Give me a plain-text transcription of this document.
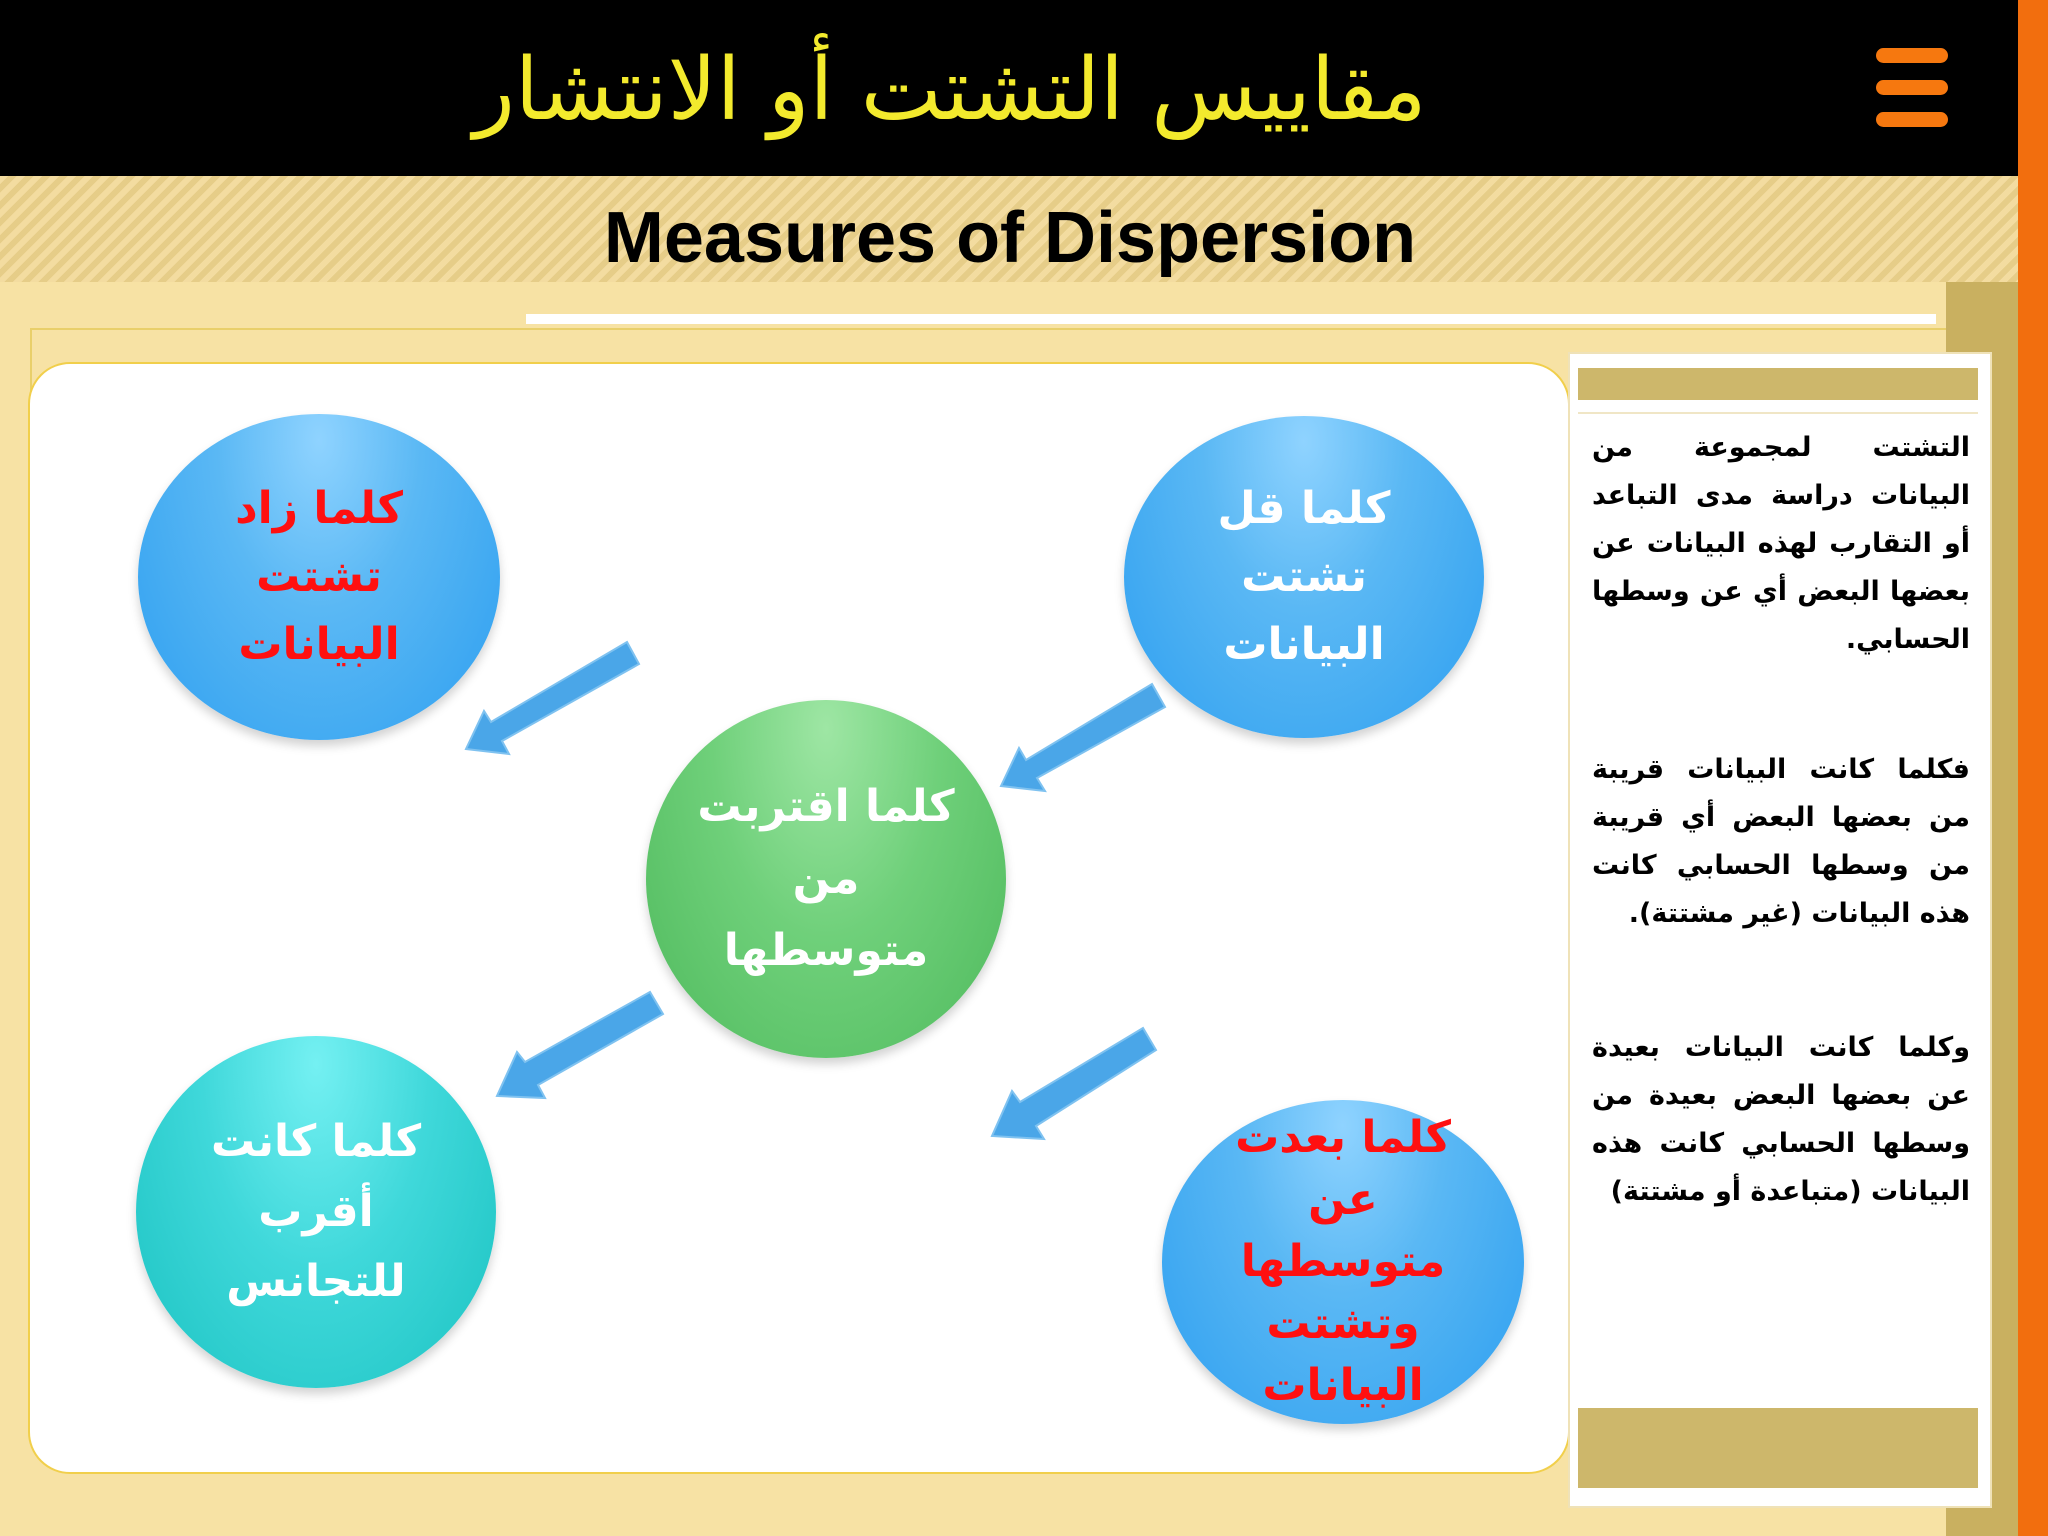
مقاييس التشتت أو الانتشار
Measures of Dispersion
كلما زاد
تشتت
البيانات
كلما قل
تشتت
البيانات
كلما اقتربت
من
متوسطها
كلما كانت
أقرب
للتجانس
كلما بعدت
عن
متوسطها
وتشتت
البيانات
التشتت لمجموعة من البيانات دراسة مدى التباعد أو التقارب لهذه البيانات عن بعضها البعض أي عن وسطها الحسابي.
فكلما كانت البيانات قريبة من بعضها البعض أي قريبة من وسطها الحسابي كانت هذه البيانات (غير مشتتة).
وكلما كانت البيانات بعيدة عن بعضها البعض بعيدة من وسطها الحسابي كانت هذه البيانات (متباعدة أو مشتتة)
